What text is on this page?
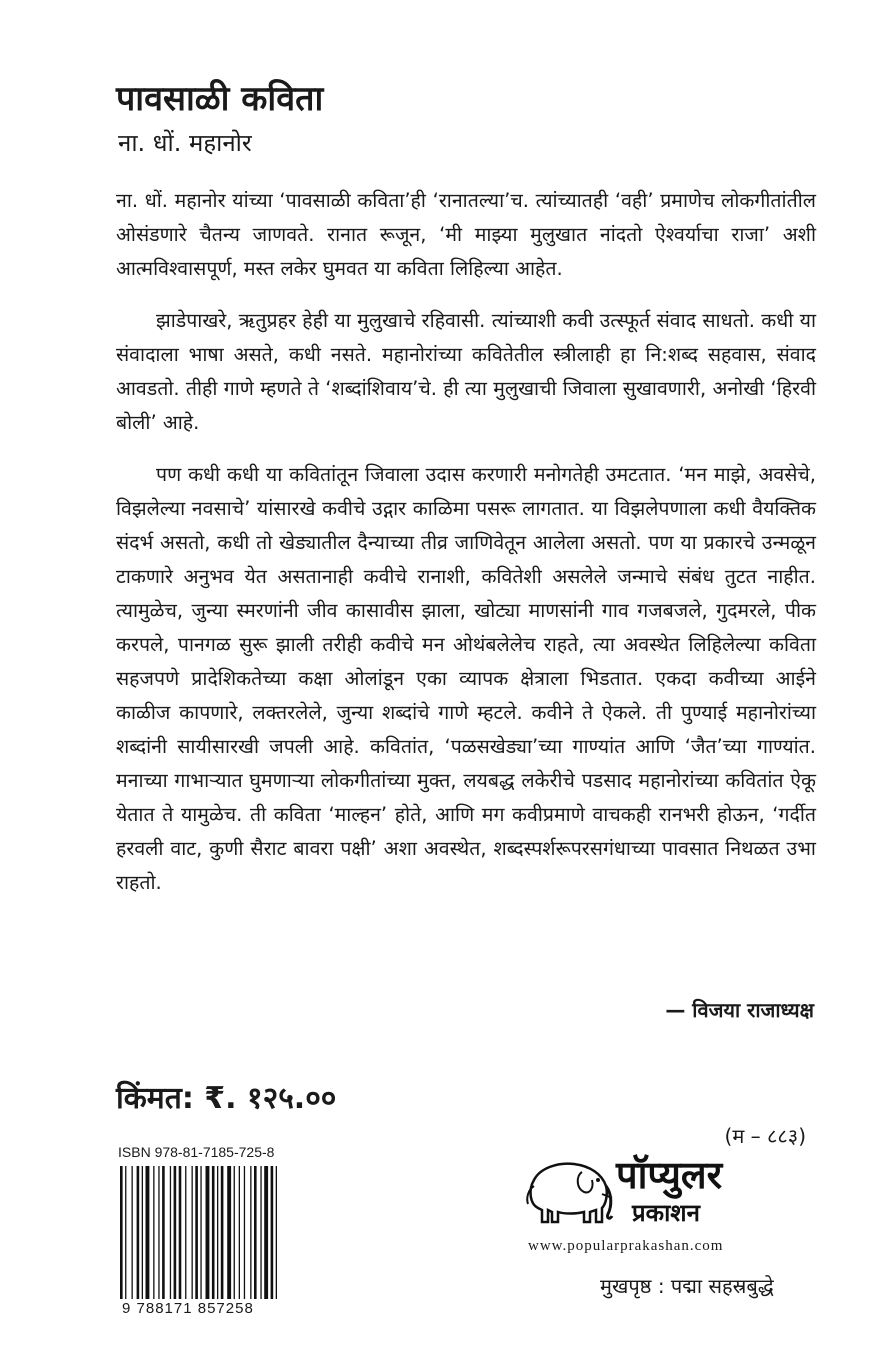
पावसाळी कविता
ना. धों. महानोर

ना. धों. महानोर यांच्या ‘पावसाळी कविता’ही ‘रानातल्या’च. त्यांच्यातही ‘वही’ प्रमाणेच लोकगीतांतील ओसंडणारे चैतन्य जाणवते. रानात रूजून, ‘मी माझ्या मुलुखात नांदतो ऐश्वर्याचा राजा’ अशी आत्मविश्वासपूर्ण, मस्त लकेर घुमवत या कविता लिहिल्या आहेत.

झाडेपाखरे, ऋतुप्रहर हेही या मुलुखाचे रहिवासी. त्यांच्याशी कवी उत्स्फूर्त संवाद साधतो. कधी या संवादाला भाषा असते, कधी नसते. महानोरांच्या कवितेतील स्त्रीलाही हा नि:शब्द सहवास, संवाद आवडतो. तीही गाणे म्हणते ते ‘शब्दांशिवाय’चे. ही त्या मुलुखाची जिवाला सुखावणारी, अनोखी ‘हिरवी बोली’ आहे.

पण कधी कधी या कवितांतून जिवाला उदास करणारी मनोगतेही उमटतात. ‘मन माझे, अवसेचे, विझलेल्या नवसाचे’ यांसारखे कवीचे उद्गार काळिमा पसरू लागतात. या विझलेपणाला कधी वैयक्तिक संदर्भ असतो, कधी तो खेड्यातील दैन्याच्या तीव्र जाणिवेतून आलेला असतो. पण या प्रकारचे उन्मळून टाकणारे अनुभव येत असतानाही कवीचे रानाशी, कवितेशी असलेले जन्माचे संबंध तुटत नाहीत. त्यामुळेच, जुन्या स्मरणांनी जीव कासावीस झाला, खोट्या माणसांनी गाव गजबजले, गुदमरले, पीक करपले, पानगळ सुरू झाली तरीही कवीचे मन ओथंबलेलेच राहते, त्या अवस्थेत लिहिलेल्या कविता सहजपणे प्रादेशिकतेच्या कक्षा ओलांडून एका व्यापक क्षेत्राला भिडतात. एकदा कवीच्या आईने काळीज कापणारे, लक्तरलेले, जुन्या शब्दांचे गाणे म्हटले. कवीने ते ऐकले. ती पुण्याई महानोरांच्या शब्दांनी सायीसारखी जपली आहे. कवितांत, ‘पळसखेड्या’च्या गाण्यांत आणि ‘जैत’च्या गाण्यांत. मनाच्या गाभाऱ्यात घुमणाऱ्या लोकगीतांच्या मुक्त, लयबद्ध लकेरीचे पडसाद महानोरांच्या कवितांत ऐकू येतात ते यामुळेच. ती कविता ‘माल्हन’ होते, आणि मग कवीप्रमाणे वाचकही रानभरी होऊन, ‘गर्दीत हरवली वाट, कुणी सैराट बावरा पक्षी’ अशा अवस्थेत, शब्दस्पर्शरूपरसगंधाच्या पावसात निथळत उभा राहतो.

— विजया राजाध्यक्ष
किंमत: ₹. १२५.००
(म – ८८३)
ISBN 978-81-7185-725-8
9 788171 857258
पॉप्युलर
प्रकाशन
www.popularprakashan.com
मुखपृष्ठ : पद्मा सहस्रबुद्धे
